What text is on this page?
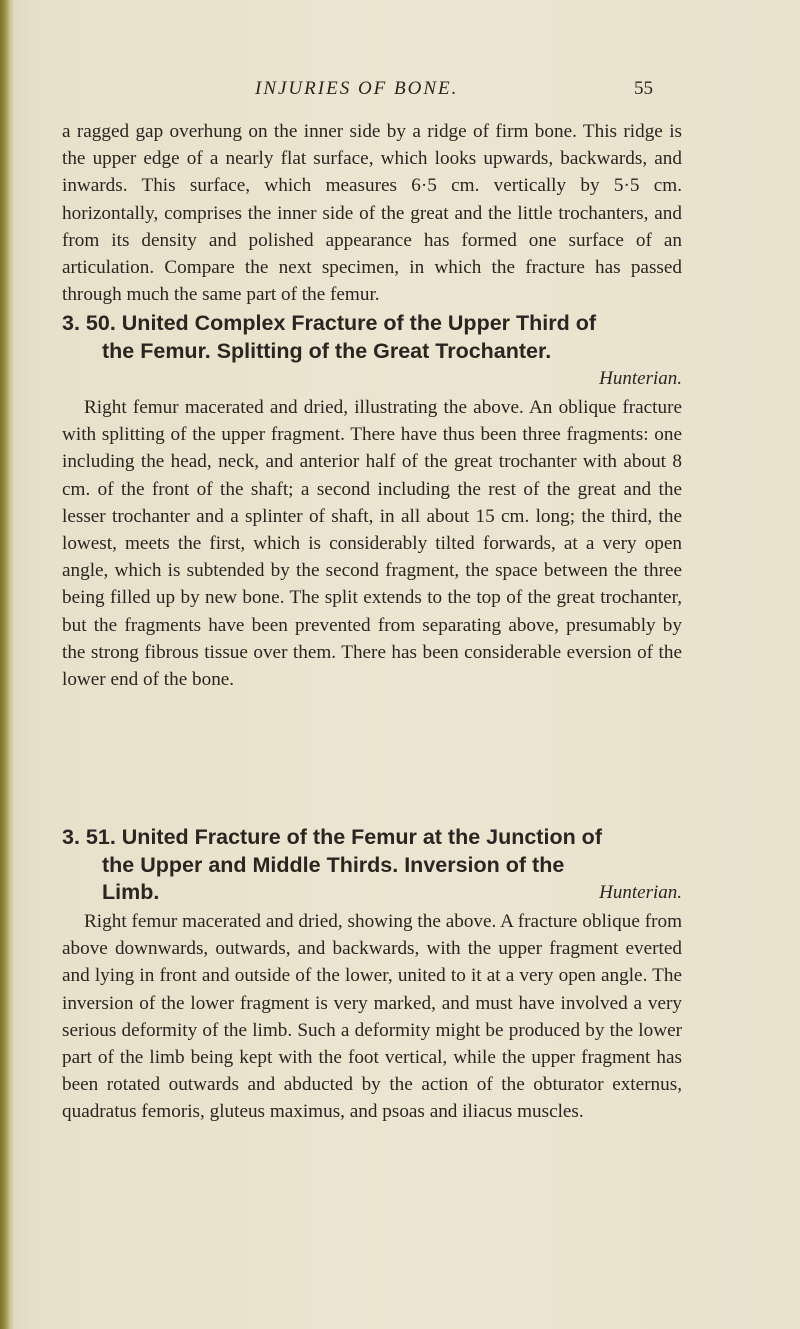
INJURIES OF BONE.	55

a ragged gap overhung on the inner side by a ridge of firm bone. This ridge is the upper edge of a nearly flat surface, which looks upwards, backwards, and inwards. This surface, which measures 6·5 cm. vertically by 5·5 cm. horizontally, comprises the inner side of the great and the little trochanters, and from its density and polished appearance has formed one surface of an articulation. Compare the next specimen, in which the fracture has passed through much the same part of the femur.

3. 50. United Complex Fracture of the Upper Third of
the Femur. Splitting of the Great Trochanter.
Hunterian.

Right femur macerated and dried, illustrating the above. An oblique fracture with splitting of the upper fragment. There have thus been three fragments: one including the head, neck, and anterior half of the great trochanter with about 8 cm. of the front of the shaft; a second including the rest of the great and the lesser trochanter and a splinter of shaft, in all about 15 cm. long; the third, the lowest, meets the first, which is considerably tilted forwards, at a very open angle, which is subtended by the second fragment, the space between the three being filled up by new bone. The split extends to the top of the great trochanter, but the fragments have been prevented from separating above, presumably by the strong fibrous tissue over them. There has been considerable eversion of the lower end of the bone.

3. 51. United Fracture of the Femur at the Junction of
the Upper and Middle Thirds. Inversion of the
Limb.	Hunterian.

Right femur macerated and dried, showing the above. A fracture oblique from above downwards, outwards, and backwards, with the upper fragment everted and lying in front and outside of the lower, united to it at a very open angle. The inversion of the lower fragment is very marked, and must have involved a very serious deformity of the limb. Such a deformity might be produced by the lower part of the limb being kept with the foot vertical, while the upper fragment has been rotated outwards and abducted by the action of the obturator externus, quadratus femoris, gluteus maximus, and psoas and iliacus muscles.
